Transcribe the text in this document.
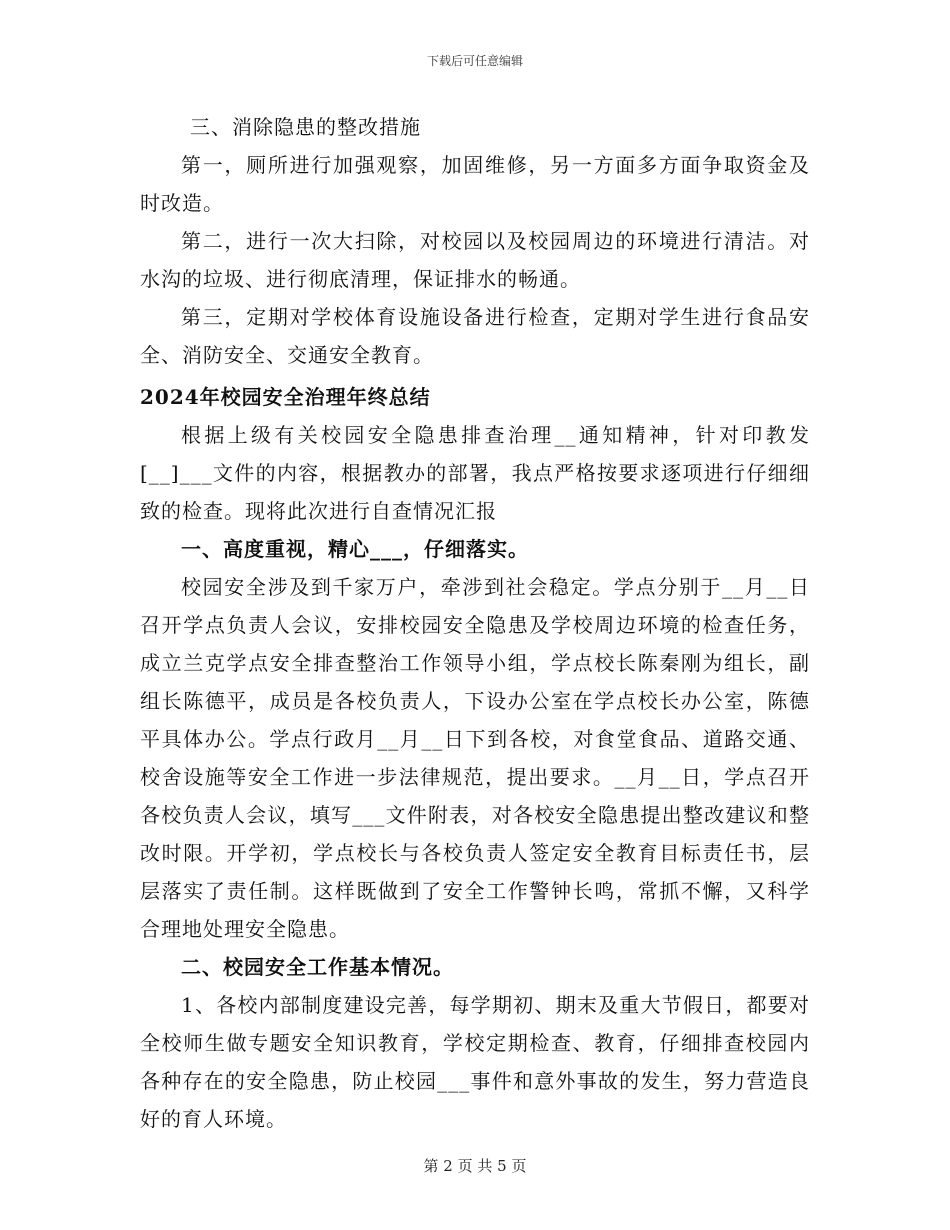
下载后可任意编辑

三、消除隐患的整改措施

第一，厕所进行加强观察，加固维修，另一方面多方面争取资金及时改造。

第二，进行一次大扫除，对校园以及校园周边的环境进行清洁。对水沟的垃圾、进行彻底清理，保证排水的畅通。

第三，定期对学校体育设施设备进行检查，定期对学生进行食品安全、消防安全、交通安全教育。

2024年校园安全治理年终总结

根据上级有关校园安全隐患排查治理__通知精神，针对印教发[__]___文件的内容，根据教办的部署，我点严格按要求逐项进行仔细细致的检查。现将此次进行自查情况汇报

一、高度重视，精心___，仔细落实。

校园安全涉及到千家万户，牵涉到社会稳定。学点分别于__月__日召开学点负责人会议，安排校园安全隐患及学校周边环境的检查任务，成立兰克学点安全排查整治工作领导小组，学点校长陈秦刚为组长，副组长陈德平，成员是各校负责人，下设办公室在学点校长办公室，陈德平具体办公。学点行政月__月__日下到各校，对食堂食品、道路交通、校舍设施等安全工作进一步法律规范，提出要求。__月__日，学点召开各校负责人会议，填写___文件附表，对各校安全隐患提出整改建议和整改时限。开学初，学点校长与各校负责人签定安全教育目标责任书，层层落实了责任制。这样既做到了安全工作警钟长鸣，常抓不懈，又科学合理地处理安全隐患。

二、校园安全工作基本情况。

1、各校内部制度建设完善，每学期初、期末及重大节假日，都要对全校师生做专题安全知识教育，学校定期检查、教育，仔细排查校园内各种存在的安全隐患，防止校园___事件和意外事故的发生，努力营造良好的育人环境。

第 2 页 共 5 页
